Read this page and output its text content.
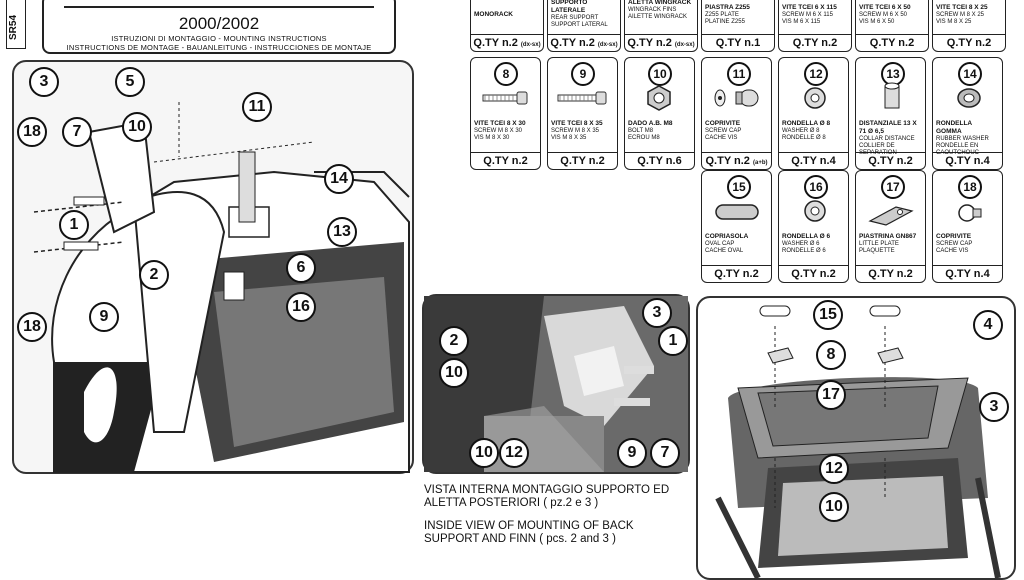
SR54	2000/2002
ISTRUZIONI DI MONTAGGIO - MOUNTING INSTRUCTIONS
INSTRUCTIONS DE MONTAGE - BAUANLEITUNG - INSTRUCCIONES DE MONTAJE
MONORACK
Q.TY n.2 (dx-sx)
SUPPORTO LATERALE
REAR SUPPORT
SUPPORT LATERAL
Q.TY n.2 (dx-sx)
ALETTA WINGRACK
WINGRACK FINS
AILETTE WINGRACK
Q.TY n.2 (dx-sx)
PIASTRA Z255
Z255 PLATE
PLATINE Z255
Q.TY n.1
VITE TCEI 6 X 115
SCREW M 6 X 115
VIS M 6 X 115
Q.TY n.2
VITE TCEI 6 X 50
SCREW M 6 X 50
VIS M 6 X 50
Q.TY n.2
VITE TCEI 8 X 25
SCREW M 8 X 25
VIS M 8 X 25
Q.TY n.2
8
VITE TCEI 8 X 30
SCREW M 8 X 30
VIS M 8 X 30
Q.TY n.2
9
VITE TCEI 8 X 35
SCREW M 8 X 35
VIS M 8 X 35
Q.TY n.2
10
DADO A.B. M8
BOLT M8
ECROU M8
Q.TY n.6
11
COPRIVITE
SCREW CAP
CACHE VIS
Q.TY n.2 (a+b)
12
RONDELLA Ø 8
WASHER Ø 8
RONDELLE Ø 8
Q.TY n.4
13
DISTANZIALE 13 X 71 Ø 6,5
COLLAR DISTANCE
COLLIER DE SEPARATION
Q.TY n.2
14
RONDELLA GOMMA
RUBBER WASHER
RONDELLE EN CAOUTCHOUC
Q.TY n.4
15
COPRIASOLA
OVAL CAP
CACHE OVAL
Q.TY n.2
16
RONDELLA Ø 6
WASHER Ø 6
RONDELLE Ø 6
Q.TY n.2
17
PIASTRINA GN867
LITTLE PLATE
PLAQUETTE
Q.TY n.2
18
COPRIVITE
SCREW CAP
CACHE VIS
Q.TY n.4
3	5
11
18	7	10
14
1	13
6
2
16
18
9	3
2	1
10
10 12	9	7
15
4
8
17
3
12
10
VISTA INTERNA MONTAGGIO SUPPORTO ED
ALETTA POSTERIORI ( pz.2 e 3 )
INSIDE VIEW OF MOUNTING OF BACK
SUPPORT AND FINN ( pcs. 2 and 3 )
